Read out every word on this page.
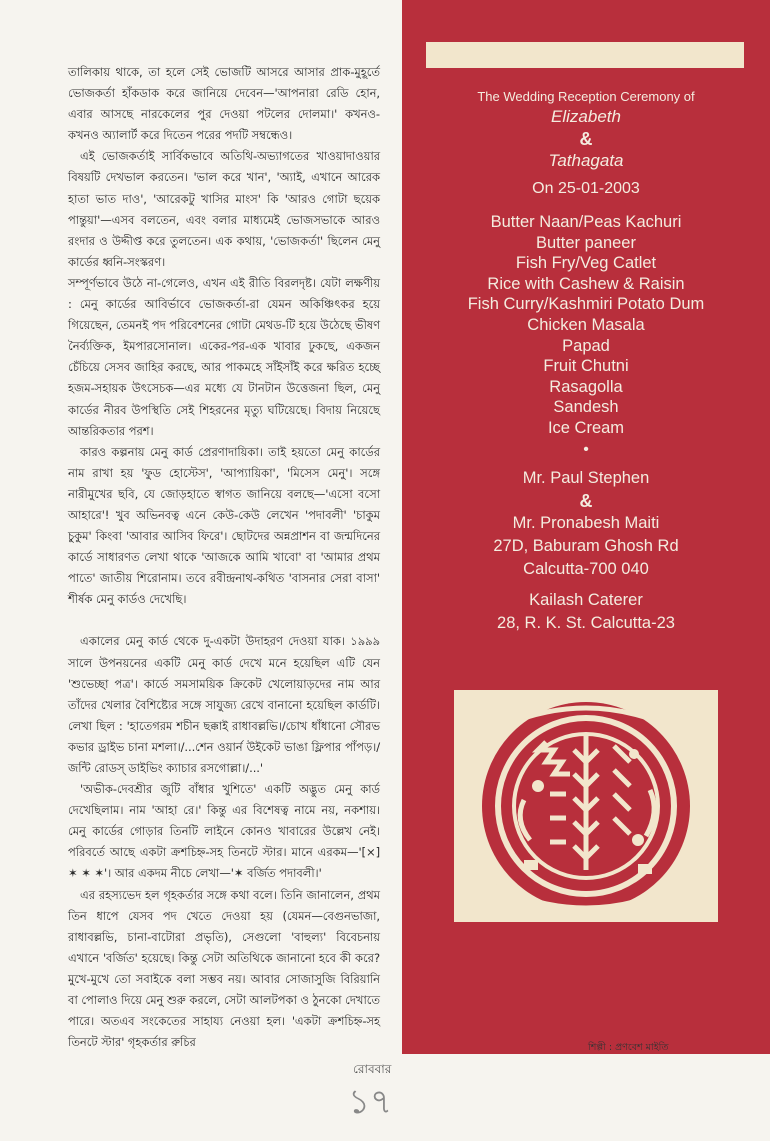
তালিকায় থাকে, তা হলে সেই ভোজটি আসরে আসার প্রাক-মুহূর্তে ভোজকর্তা হাঁকডাক করে জানিয়ে দেবেন—'আপনারা রেডি হোন, এবার আসছে নারকেলের পুর দেওয়া পটলের দোলমা।' কখনও-কখনও অ্যালার্ট করে দিতেন পরের পদটি সম্বন্ধেও।

এই ভোজকর্তাই সার্বিকভাবে অতিথি-অভ্যাগতের খাওয়াদাওয়ার বিষয়টি দেখভাল করতেন। 'ভাল করে খান', 'অ্যাই, এখানে আরেক হাতা ভাত দাও', 'আরেকটু খাসির মাংস' কি 'আরও গোটা ছয়েক পান্তুয়া'—এসব বলতেন, এবং বলার মাধ্যমেই ভোজসভাকে আরও রংদার ও উদ্দীপ্ত করে তুলতেন। এক কথায়, 'ভোজকর্তা' ছিলেন মেনু কার্ডের ধ্বনি-সংস্করণ।

সম্পূর্ণভাবে উঠে না-গেলেও, এখন এই রীতি বিরলদৃষ্ট। যেটা লক্ষণীয় : মেনু কার্ডের আবির্ভাবে ভোজকর্তা-রা যেমন অকিঞ্চিৎকর হয়ে গিয়েছেন, তেমনই পদ পরিবেশনের গোটা মেথড-টি হয়ে উঠেছে ভীষণ নৈর্ব্যক্তিক, ইমপারসোনাল। একের-পর-এক খাবার ঢুকছে, একজন চেঁচিয়ে সেসব জাহির করছে, আর পাকমহে সাঁইসাঁই করে ক্ষরিত হচ্ছে হজম-সহায়ক উৎসেচক—এর মধ্যে যে টানটান উত্তেজনা ছিল, মেনু কার্ডের নীরব উপস্থিতি সেই শিহরনের মৃত্যু ঘটিয়েছে। বিদায় নিয়েছে আন্তরিকতার পরশ।

কারও কল্পনায় মেনু কার্ড প্রেরণাদায়িকা। তাই হয়তো মেনু কার্ডের নাম রাখা হয় 'ফুড হোস্টেস', 'আপ্যায়িকা', 'মিসেস মেনু'। সঙ্গে নারীমুখের ছবি, যে জোড়হাতে স্বাগত জানিয়ে বলছে—'এসো বসো আহারে'! খুব অভিনবত্ব এনে কেউ-কেউ লেখেন 'পদাবলী' 'চাকুম চুকুম' কিংবা 'আবার আসিব ফিরে'। ছোটদের অন্নপ্রাশন বা জন্মদিনের কার্ডে সাধারণত লেখা থাকে 'আজকে আমি খাবো' বা 'আমার প্রথম পাতে' জাতীয় শিরোনাম। তবে রবীন্দ্রনাথ-কথিত 'বাসনার সেরা বাসা' শীর্ষক মেনু কার্ডও দেখেছি।

একালের মেনু কার্ড থেকে দু-একটা উদাহরণ দেওয়া যাক। ১৯৯৯ সালে উপনয়নের একটি মেনু কার্ড দেখে মনে হয়েছিল এটি যেন 'শুভেচ্ছা পত্র'। কার্ডে সমসাময়িক ক্রিকেট খেলোয়াড়দের নাম আর তাঁদের খেলার বৈশিষ্ট্যের সঙ্গে সাযুজ্য রেখে বানানো হয়েছিল কার্ডটি। লেখা ছিল : 'হাতেগরম শচীন ছক্কাই রাধাবল্লভি।/চোখ ধাঁধানো সৌরভ কভার ড্রাইভ চানা মশলা।/...শেন ওয়ার্ন উইকেট ভাঙা ফ্লিপার পাঁপড়।/জন্টি রোডস্‌ ডাইভিং ক্যাচার রসগোল্লা।/...'

'অভীক-দেবশ্রীর জুটি বাঁধার খুশিতে' একটি অদ্ভুত মেনু কার্ড দেখেছিলাম। নাম 'আহা রে।' কিন্তু এর বিশেষত্ব নামে নয়, নকশায়। মেনু কার্ডের গোড়ার তিনটি লাইনে কোনও খাবারের উল্লেখ নেই। পরিবর্তে আছে একটা ক্রশচিহ্ন-সহ তিনটে স্টার। মানে এরকম—'[×] ✶ ✶ ✶'। আর একদম নীচে লেখা—'✶ বর্জিত পদাবলী।'

এর রহস্যভেদ হল গৃহকর্তার সঙ্গে কথা বলে। তিনি জানালেন, প্রথম তিন ধাপে যেসব পদ খেতে দেওয়া হয় (যেমন—বেগুনভাজা, রাধাবল্লভি, চানা-বাটোরা প্রভৃতি), সেগুলো 'বাহুল্য' বিবেচনায় এখানে 'বর্জিত' হয়েছে। কিন্তু সেটা অতিথিকে জানানো হবে কী করে? মুখে-মুখে তো সবাইকে বলা সম্ভব নয়। আবার সোজাসুজি বিরিয়ানি বা পোলাও দিয়ে মেনু শুরু করলে, সেটা আলটপকা ও ঠুনকো দেখাতে পারে। অতএব সংকেতের সাহায্য নেওয়া হল। 'একটা ক্রশচিহ্ন-সহ তিনটে স্টার' গৃহকর্তার রুচির

The Wedding Reception Ceremony of
Elizabeth
&
Tathagata
On 25-01-2003
Butter Naan/Peas Kachuri
Butter paneer
Fish Fry/Veg Catlet
Rice with Cashew & Raisin
Fish Curry/Kashmiri Potato Dum
Chicken Masala
Papad
Fruit Chutni
Rasagolla
Sandesh
Ice Cream
•
Mr. Paul Stephen
&
Mr. Pronabesh Maiti
27D, Baburam Ghosh Rd
Calcutta-700 040
Kailash Caterer
28, R. K. St. Calcutta-23
শিল্পী : প্রণবেশ মাইতি
রোববার
১৭
